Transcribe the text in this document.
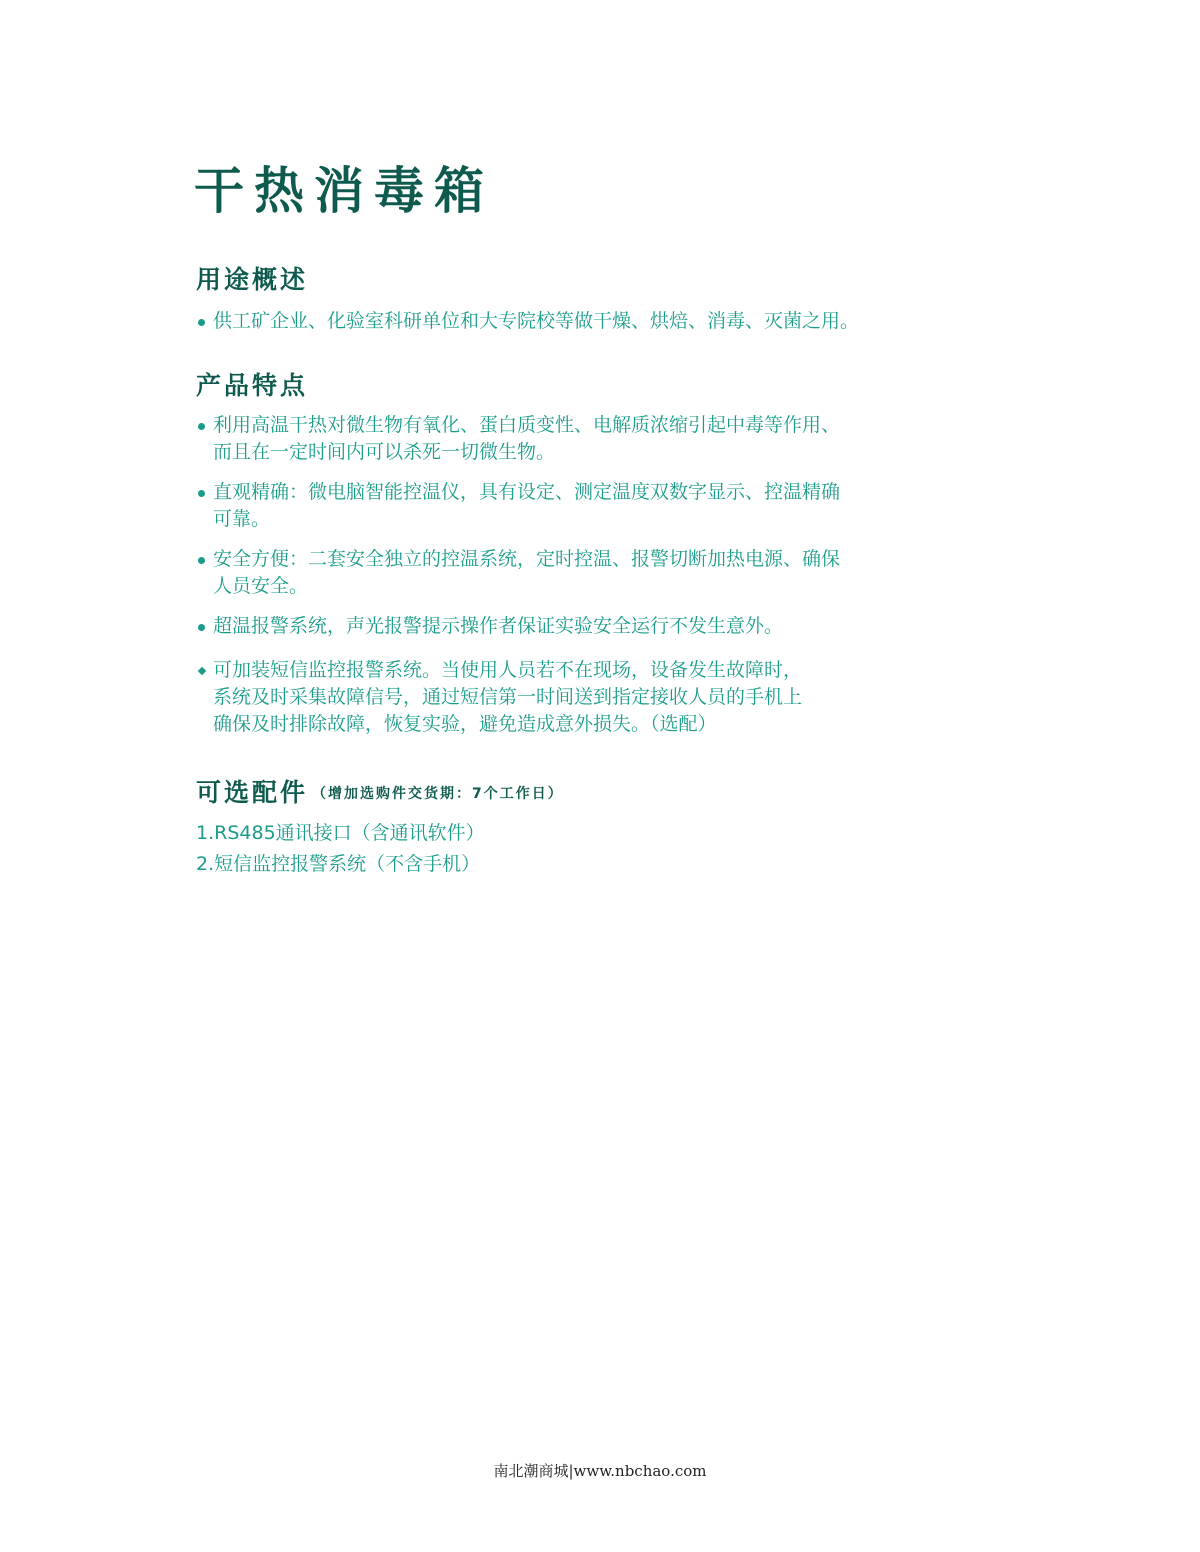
干热消毒箱
用途概述
供工矿企业、化验室科研单位和大专院校等做干燥、烘焙、消毒、灭菌之用。
产品特点
利用高温干热对微生物有氧化、蛋白质变性、电解质浓缩引起中毒等作用、
而且在一定时间内可以杀死一切微生物。
直观精确：微电脑智能控温仪，具有设定、测定温度双数字显示、控温精确
可靠。
安全方便：二套安全独立的控温系统，定时控温、报警切断加热电源、确保
人员安全。
超温报警系统，声光报警提示操作者保证实验安全运行不发生意外。
可加装短信监控报警系统。当使用人员若不在现场，设备发生故障时，
系统及时采集故障信号，通过短信第一时间送到指定接收人员的手机上
确保及时排除故障，恢复实验，避免造成意外损失。（选配）
可选配件 （增加选购件交货期：7个工作日）
1.RS485通讯接口（含通讯软件）
2.短信监控报警系统（不含手机）
南北潮商城|www.nbchao.com
